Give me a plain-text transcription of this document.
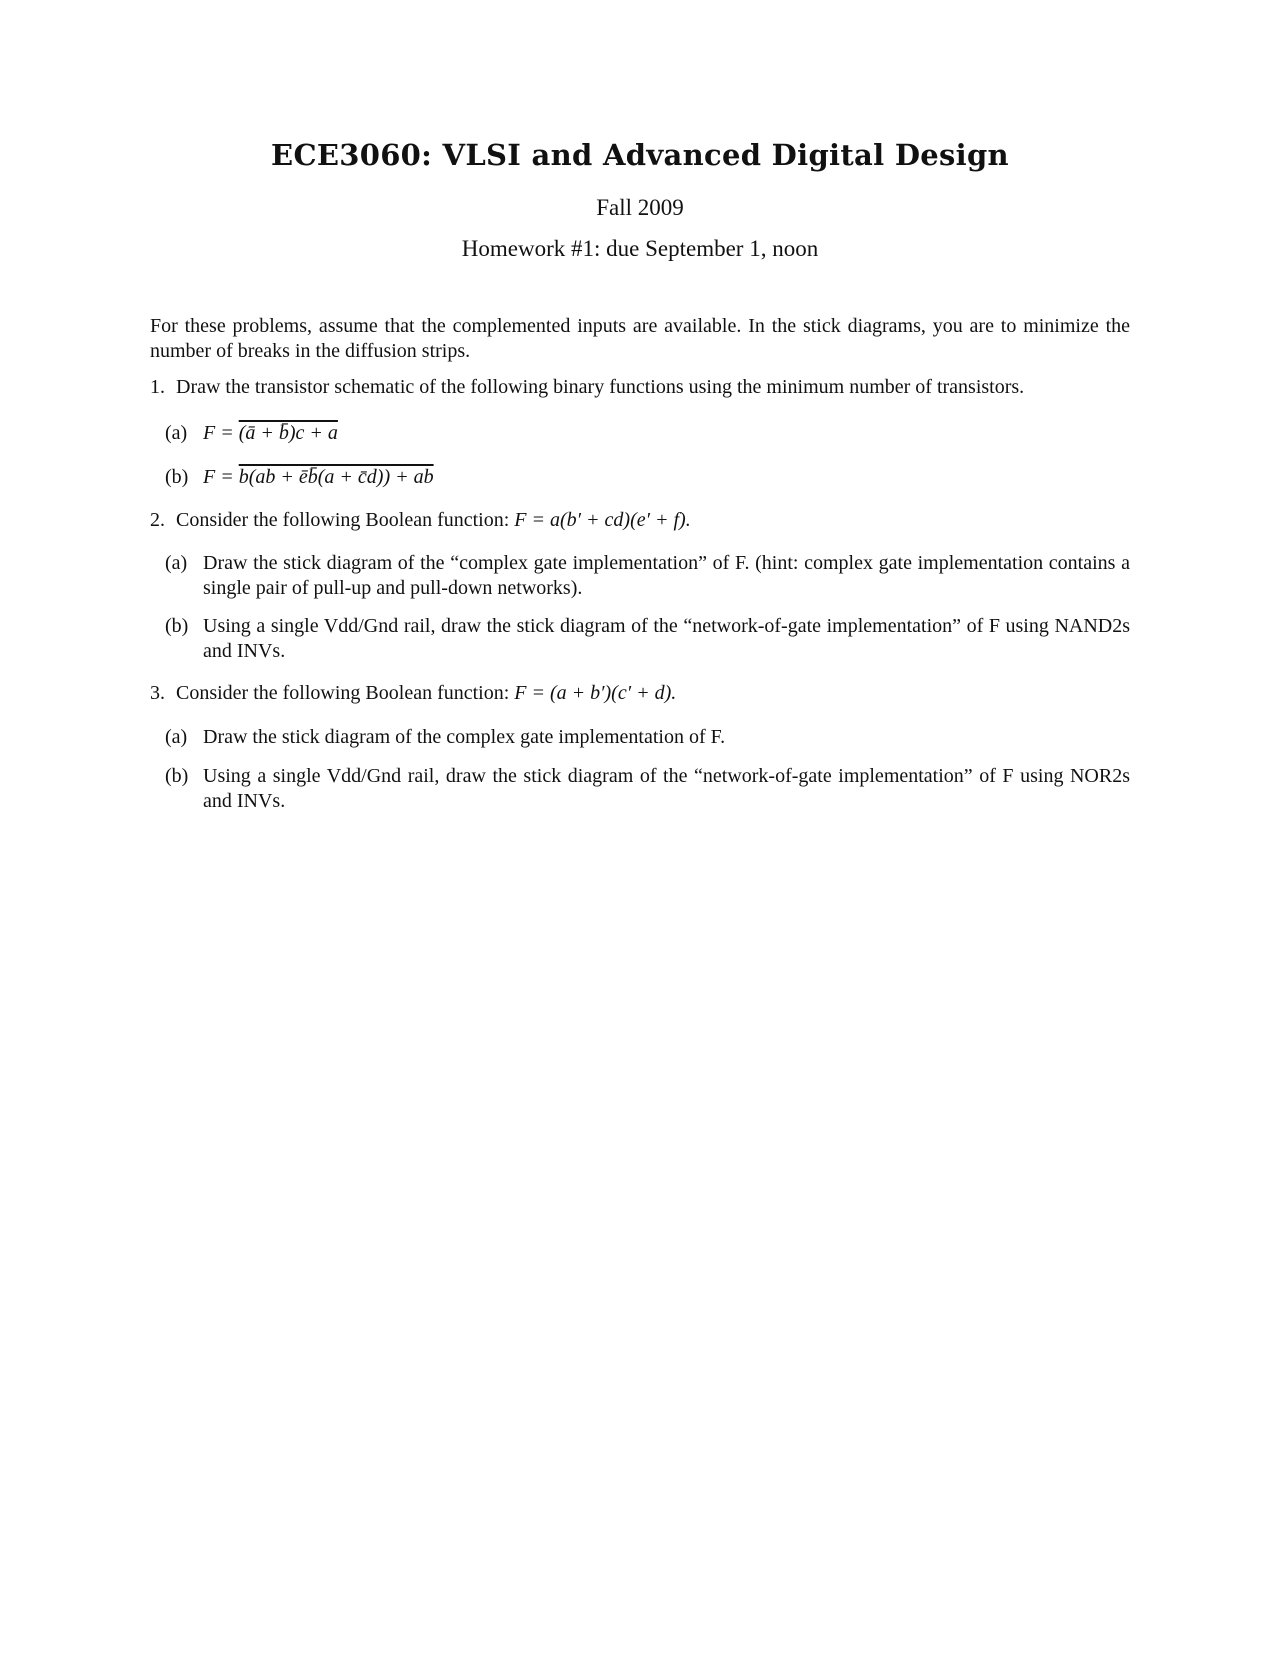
ECE3060: VLSI and Advanced Digital Design
Fall 2009
Homework #1: due September 1, noon
For these problems, assume that the complemented inputs are available. In the stick diagrams, you are to minimize the number of breaks in the diffusion strips.
1. Draw the transistor schematic of the following binary functions using the minimum number of transistors.
(a) F = (ā + b̄)c + a
(b) F = b(ab + ēb̄(a + c̄d)) + ab
2. Consider the following Boolean function: F = a(b′ + cd)(e′ + f).
(a) Draw the stick diagram of the “complex gate implementation” of F. (hint: complex gate implementation contains a single pair of pull-up and pull-down networks).
(b) Using a single Vdd/Gnd rail, draw the stick diagram of the “network-of-gate implementation” of F using NAND2s and INVs.
3. Consider the following Boolean function: F = (a + b′)(c′ + d).
(a) Draw the stick diagram of the complex gate implementation of F.
(b) Using a single Vdd/Gnd rail, draw the stick diagram of the “network-of-gate implementation” of F using NOR2s and INVs.
